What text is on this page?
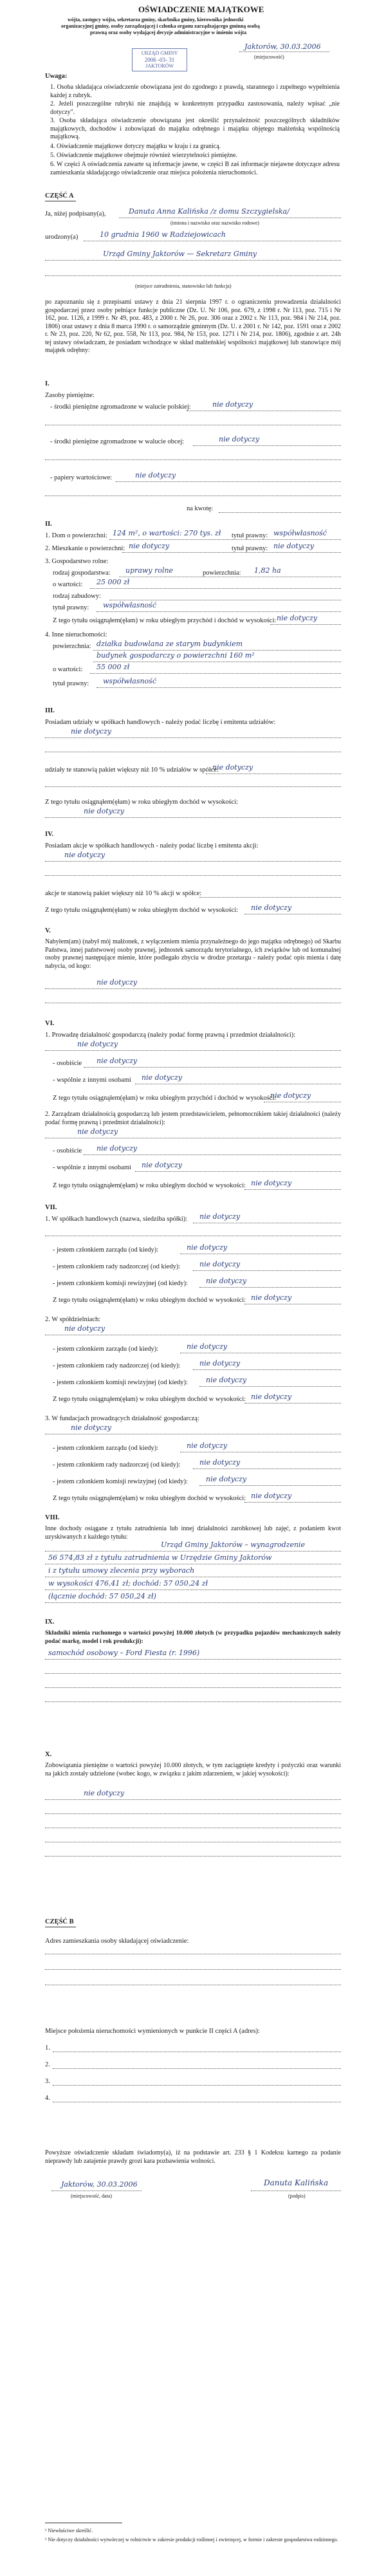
OŚWIADCZENIE MAJĄTKOWE
wójta, zastępcy wójta, sekretarza gminy, skarbnika gminy, kierownika jednostki
organizacyjnej gminy, osoby zarządzającej i członka organu zarządzającego gminną osobą
prawną oraz osoby wydającej decyzje administracyjne w imieniu wójta
URZĄD GMINY
2006 -03- 31
JAKTORÓW
Jaktorów, 30.03.2006
(miejscowość)
Uwaga:
1. Osoba składająca oświadczenie obowiązana jest do zgodnego z prawdą, starannego i zupełnego wypełnienia każdej z rubryk.
2. Jeżeli poszczególne rubryki nie znajdują w konkretnym przypadku zastosowania, należy wpisać „nie dotyczy".
3. Osoba składająca oświadczenie obowiązana jest określić przynależność poszczególnych składników majątkowych, dochodów i zobowiązań do majątku odrębnego i majątku objętego małżeńską wspólnością majątkową.
4. Oświadczenie majątkowe dotyczy majątku w kraju i za granicą.
5. Oświadczenie majątkowe obejmuje również wierzytelności pieniężne.
6. W części A oświadczenia zawarte są informacje jawne, w części B zaś informacje niejawne dotyczące adresu zamieszkania składającego oświadczenie oraz miejsca położenia nieruchomości.
CZĘŚĆ A
Ja, niżej podpisany(a),	Danuta Anna Kalińska /z domu Szczygielska/
(imiona i nazwisko oraz nazwisko rodowe)
urodzony(a)	10 grudnia 1960 w Radziejowicach
Urząd Gminy Jaktorów — Sekretarz Gminy
(miejsce zatrudnienia, stanowisko lub funkcja)
po zapoznaniu się z przepisami ustawy z dnia 21 sierpnia 1997 r. o ograniczeniu prowadzenia działalności gospodarczej przez osoby pełniące funkcje publiczne (Dz. U. Nr 106, poz. 679, z 1998 r. Nr 113, poz. 715 i Nr 162, poz. 1126, z 1999 r. Nr 49, poz. 483, z 2000 r. Nr 26, poz. 306 oraz z 2002 r. Nr 113, poz. 984 i Nr 214, poz. 1806) oraz ustawy z dnia 8 marca 1990 r. o samorządzie gminnym (Dz. U. z 2001 r. Nr 142, poz. 1591 oraz z 2002 r. Nr 23, poz. 220, Nr 62, poz. 558, Nr 113, poz. 984, Nr 153, poz. 1271 i Nr 214, poz. 1806), zgodnie z art. 24h tej ustawy oświadczam, że posiadam wchodzące w skład małżeńskiej wspólności majątkowej lub stanowiące mój majątek odrębny:
I.
Zasoby pieniężne:
- środki pieniężne zgromadzone w walucie polskiej:	nie dotyczy
- środki pieniężne zgromadzone w walucie obcej:	nie dotyczy
- papiery wartościowe:	nie dotyczy
na kwotę:
II.
1. Dom o powierzchni: 124 m², o wartości: 270 tys. zł tytuł prawny: współwłasność
2. Mieszkanie o powierzchni: nie dotyczy	tytuł prawny: nie dotyczy
3. Gospodarstwo rolne:
rodzaj gospodarstwa: uprawy rolne	powierzchnia: 1,82 ha
o wartości: 25 000 zł
rodzaj zabudowy:
tytuł prawny: współwłasność
Z tego tytułu osiągnąłem(ęłam) w roku ubiegłym przychód i dochód w wysokości: nie dotyczy
4. Inne nieruchomości:
powierzchnia: działka budowlana ze starym budynkiem
budynek gospodarczy o powierzchni 160 m²
o wartości: 55 000 zł
tytuł prawny: współwłasność
III.
Posiadam udziały w spółkach handlowych - należy podać liczbę i emitenta udziałów:
nie dotyczy
udziały te stanowią pakiet większy niż 10 % udziałów w spółce:
nie dotyczy
Z tego tytułu osiągnąłem(ęłam) w roku ubiegłym dochód w wysokości:
nie dotyczy
IV.
Posiadam akcje w spółkach handlowych - należy podać liczbę i emitenta akcji:
nie dotyczy
akcje te stanowią pakiet większy niż 10 % akcji w spółce:
Z tego tytułu osiągnąłem(ęłam) w roku ubiegłym dochód w wysokości: nie dotyczy
V.
Nabyłem(am) (nabył mój małżonek, z wyłączeniem mienia przynależnego do jego majątku odrębnego) od Skarbu Państwa, innej państwowej osoby prawnej, jednostek samorządu terytorialnego, ich związków lub od komunalnej osoby prawnej następujące mienie, które podlegało zbyciu w drodze przetargu - należy podać opis mienia i datę nabycia, od kogo:
nie dotyczy
VI.
1. Prowadzę działalność gospodarczą (należy podać formę prawną i przedmiot działalności):
nie dotyczy
- osobiście nie dotyczy
- wspólnie z innymi osobami nie dotyczy
Z tego tytułu osiągnąłem(ęłam) w roku ubiegłym przychód i dochód w wysokości:
nie dotyczy
2. Zarządzam działalnością gospodarczą lub jestem przedstawicielem, pełnomocnikiem takiej działalności (należy podać formę prawną i przedmiot działalności):
nie dotyczy
- osobiście nie dotyczy
- wspólnie z innymi osobami nie dotyczy
Z tego tytułu osiągnąłem(ęłam) w roku ubiegłym dochód w wysokości: nie dotyczy
VII.
1. W spółkach handlowych (nazwa, siedziba spółki): nie dotyczy
- jestem członkiem zarządu (od kiedy):	nie dotyczy
- jestem członkiem rady nadzorczej (od kiedy):	nie dotyczy
- jestem członkiem komisji rewizyjnej (od kiedy):	nie dotyczy
Z tego tytułu osiągnąłem(ęłam) w roku ubiegłym dochód w wysokości: nie dotyczy
2. W spółdzielniach:
nie dotyczy
- jestem członkiem zarządu (od kiedy):	nie dotyczy
- jestem członkiem rady nadzorczej (od kiedy):	nie dotyczy
- jestem członkiem komisji rewizyjnej (od kiedy):	nie dotyczy
Z tego tytułu osiągnąłem(ęłam) w roku ubiegłym dochód w wysokości: nie dotyczy
3. W fundacjach prowadzących działalność gospodarczą:
nie dotyczy
- jestem członkiem zarządu (od kiedy):	nie dotyczy
- jestem członkiem rady nadzorczej (od kiedy):	nie dotyczy
- jestem członkiem komisji rewizyjnej (od kiedy):	nie dotyczy
Z tego tytułu osiągnąłem(ęłam) w roku ubiegłym dochód w wysokości: nie dotyczy
VIII.
Inne dochody osiągane z tytułu zatrudnienia lub innej działalności zarobkowej lub zajęć, z podaniem kwot uzyskiwanych z każdego tytułu:
Urząd Gminy Jaktorów – wynagrodzenie
56 574,83 zł z tytułu zatrudnienia w Urzędzie Gminy Jaktorów
i z tytułu umowy zlecenia przy wyborach
w wysokości 476,41 zł; dochód: 57 050,24 zł
(łącznie dochód: 57 050,24 zł)
IX.
Składniki mienia ruchomego o wartości powyżej 10.000 złotych (w przypadku pojazdów mechanicznych należy podać markę, model i rok produkcji):
samochód osobowy – Ford Fiesta (r. 1996)
X.
Zobowiązania pieniężne o wartości powyżej 10.000 złotych, w tym zaciągnięte kredyty i pożyczki oraz warunki na jakich zostały udzielone (wobec kogo, w związku z jakim zdarzeniem, w jakiej wysokości):
nie dotyczy
CZĘŚĆ B
Adres zamieszkania osoby składającej oświadczenie:
Miejsce położenia nieruchomości wymienionych w punkcie II części A (adres):
1.
2.
3.
4.
Powyższe oświadczenie składam świadomy(a), iż na podstawie art. 233 § 1 Kodeksu karnego za podanie nieprawdy lub zatajenie prawdy grozi kara pozbawienia wolności.
Jaktorów, 30.03.2006
(miejscowość, data)
Danuta Kalińska
(podpis)
¹ Niewłaściwe skreślić.
² Nie dotyczy działalności wytwórczej w rolnictwie w zakresie produkcji roślinnej i zwierzęcej, w formie i zakresie gospodarstwa rodzinnego.
